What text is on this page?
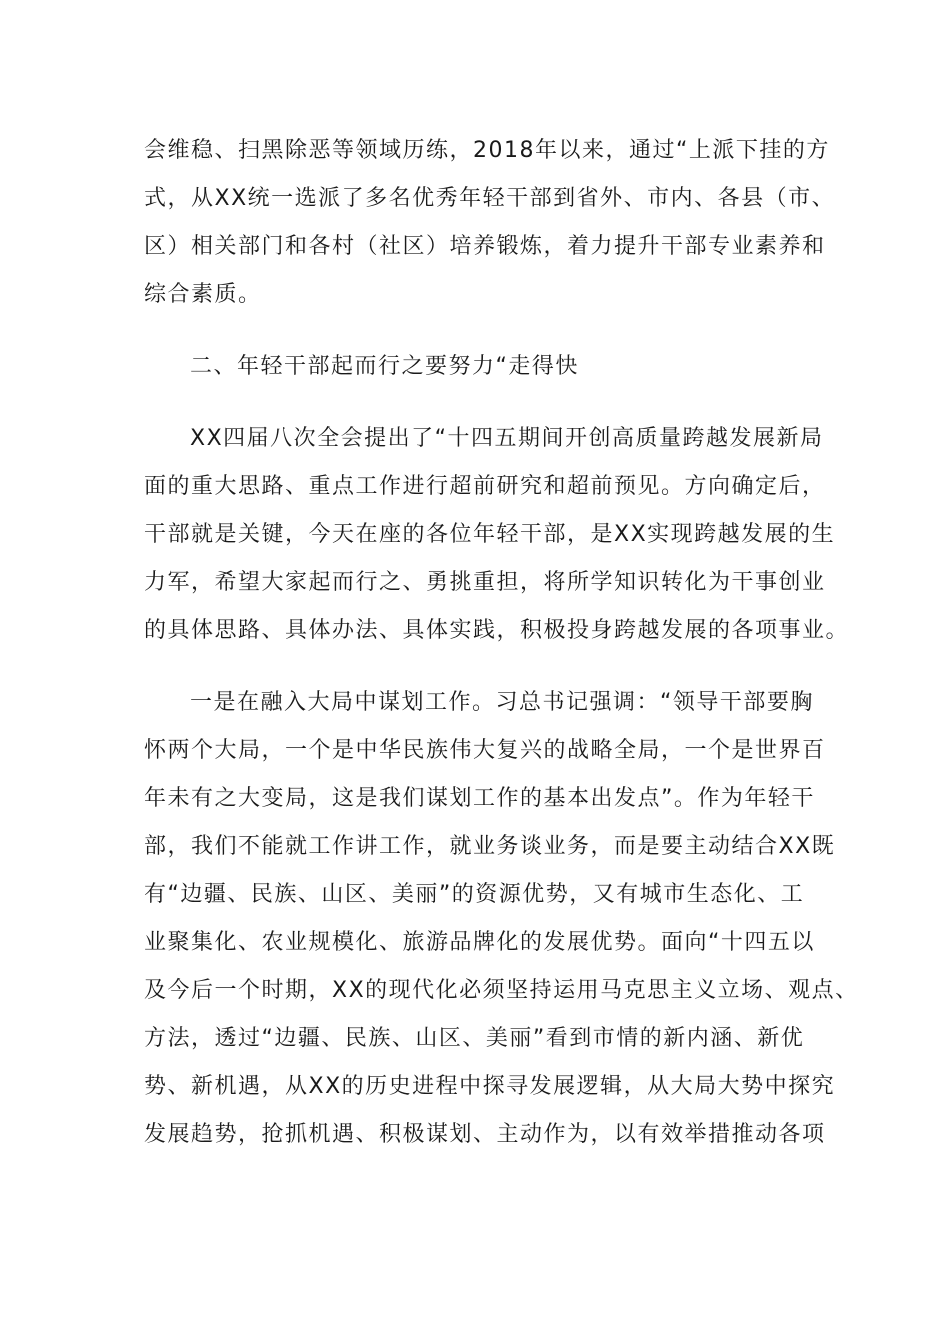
会维稳、扫黑除恶等领域历练，2018年以来，通过“上派下挂的方
式，从XX统一选派了多名优秀年轻干部到省外、市内、各县（市、
区）相关部门和各村（社区）培养锻炼，着力提升干部专业素养和
综合素质。
二、年轻干部起而行之要努力“走得快
XX四届八次全会提出了“十四五期间开创高质量跨越发展新局
面的重大思路、重点工作进行超前研究和超前预见。方向确定后，
干部就是关键，今天在座的各位年轻干部，是XX实现跨越发展的生
力军，希望大家起而行之、勇挑重担，将所学知识转化为干事创业
的具体思路、具体办法、具体实践，积极投身跨越发展的各项事业。
一是在融入大局中谋划工作。习总书记强调：“领导干部要胸
怀两个大局，一个是中华民族伟大复兴的战略全局，一个是世界百
年未有之大变局，这是我们谋划工作的基本出发点”。作为年轻干
部，我们不能就工作讲工作，就业务谈业务，而是要主动结合XX既
有“边疆、民族、山区、美丽”的资源优势，又有城市生态化、工
业聚集化、农业规模化、旅游品牌化的发展优势。面向“十四五以
及今后一个时期，XX的现代化必须坚持运用马克思主义立场、观点、
方法，透过“边疆、民族、山区、美丽”看到市情的新内涵、新优
势、新机遇，从XX的历史进程中探寻发展逻辑，从大局大势中探究
发展趋势，抢抓机遇、积极谋划、主动作为，以有效举措推动各项
